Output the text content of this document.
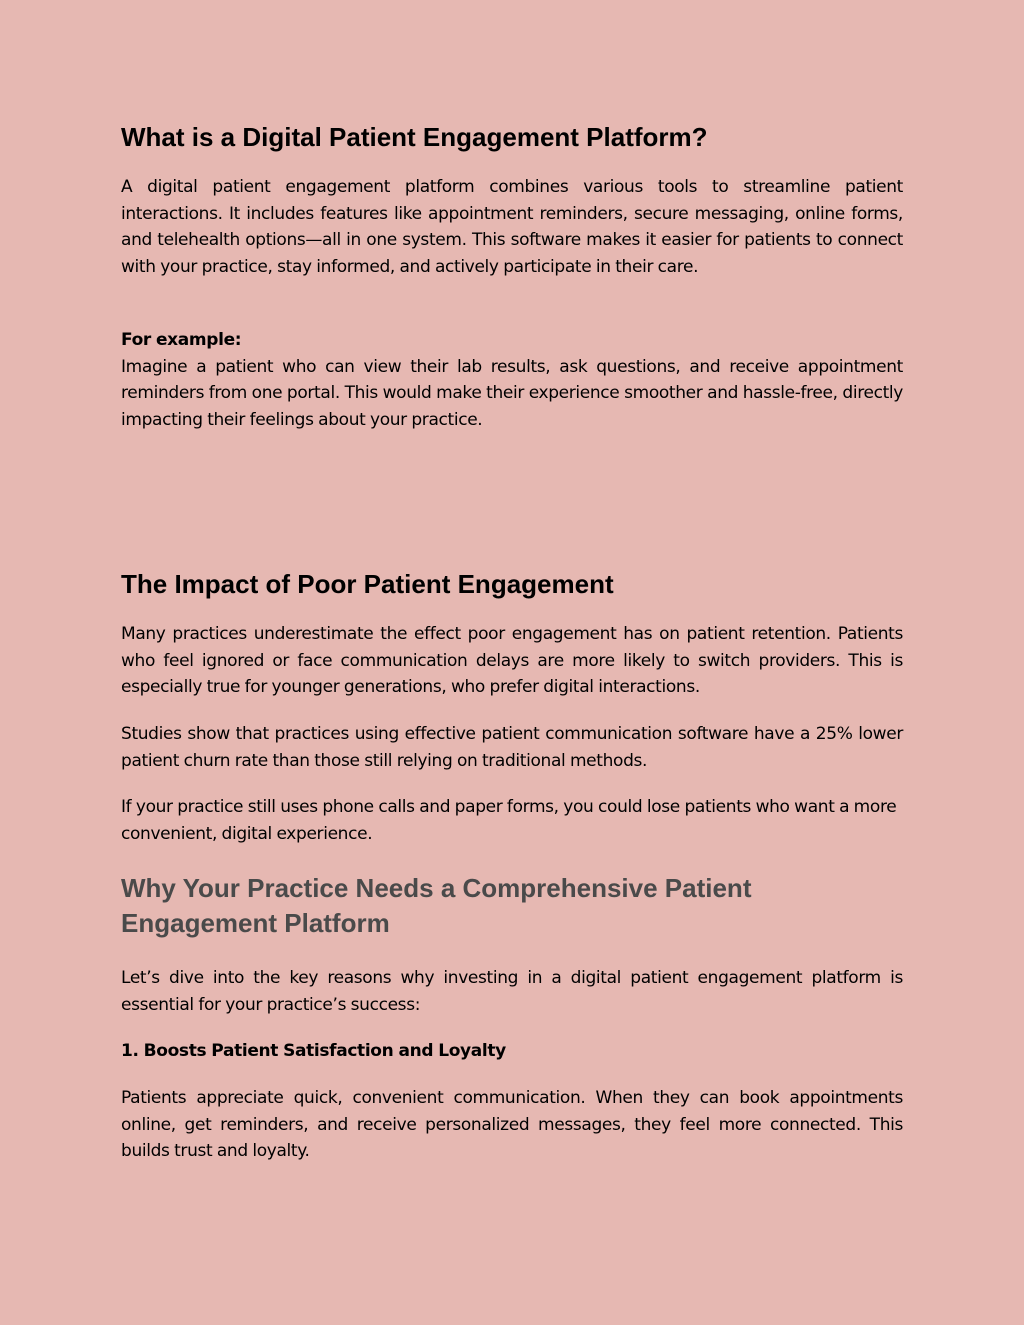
What is a Digital Patient Engagement Platform?

A digital patient engagement platform combines various tools to streamline patient interactions. It includes features like appointment reminders, secure messaging, online forms, and telehealth options—all in one system. This software makes it easier for patients to connect with your practice, stay informed, and actively participate in their care.

For example:
Imagine a patient who can view their lab results, ask questions, and receive appointment reminders from one portal. This would make their experience smoother and hassle-free, directly impacting their feelings about your practice.
The Impact of Poor Patient Engagement

Many practices underestimate the effect poor engagement has on patient retention. Patients who feel ignored or face communication delays are more likely to switch providers. This is especially true for younger generations, who prefer digital interactions.

Studies show that practices using effective patient communication software have a 25% lower patient churn rate than those still relying on traditional methods.

If your practice still uses phone calls and paper forms, you could lose patients who want a more convenient, digital experience.

Why Your Practice Needs a Comprehensive Patient Engagement Platform

Let’s dive into the key reasons why investing in a digital patient engagement platform is essential for your practice’s success:

1. Boosts Patient Satisfaction and Loyalty

Patients appreciate quick, convenient communication. When they can book appointments online, get reminders, and receive personalized messages, they feel more connected. This builds trust and loyalty.
